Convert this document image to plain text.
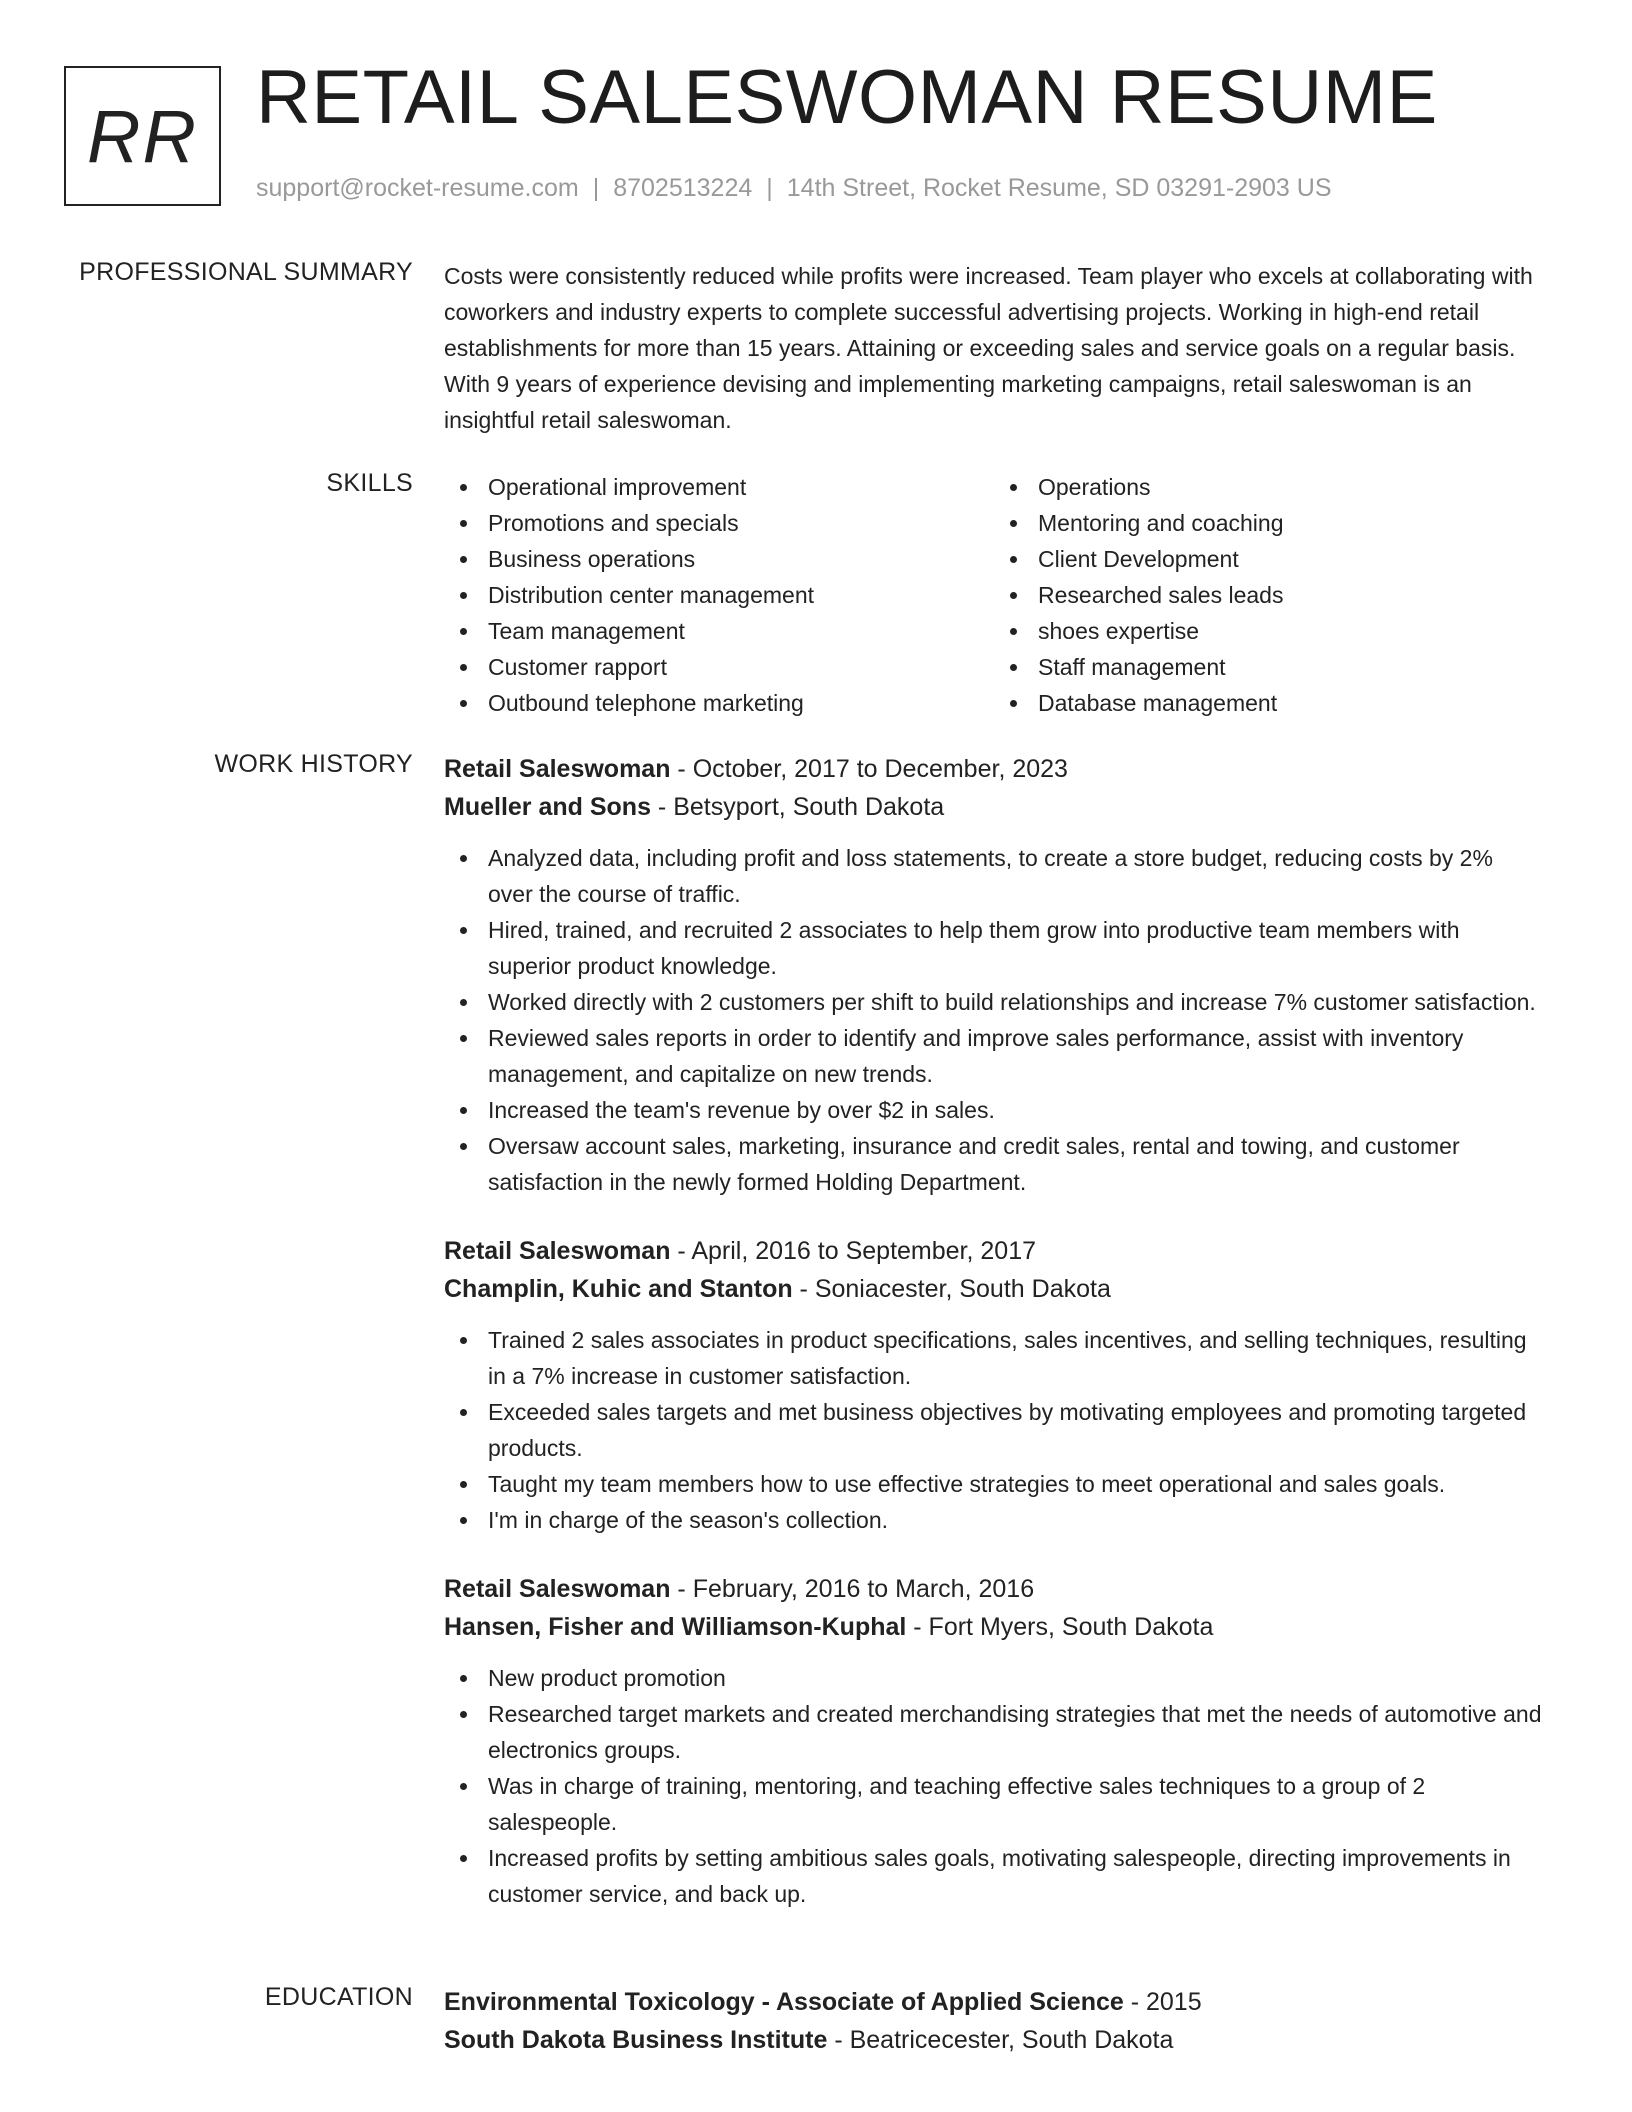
RR RETAIL SALESWOMAN RESUME
support@rocket-resume.com | 8702513224 | 14th Street, Rocket Resume, SD 03291-2903 US
PROFESSIONAL SUMMARY Costs were consistently reduced while profits were increased. Team player who excels at collaborating with coworkers and industry experts to complete successful advertising projects. Working in high-end retail establishments for more than 15 years. Attaining or exceeding sales and service goals on a regular basis. With 9 years of experience devising and implementing marketing campaigns, retail saleswoman is an insightful retail saleswoman.

SKILLS	Operational improvement
Promotions and specials
Business operations
Distribution center management
Team management
Customer rapport
Outbound telephone marketing
Operations
Mentoring and coaching
Client Development
Researched sales leads
shoes expertise
Staff management
Database management
WORK HISTORY Retail Saleswoman - October, 2017 to December, 2023
Mueller and Sons - Betsyport, South Dakota
Analyzed data, including profit and loss statements, to create a store budget, reducing costs by 2% over the course of traffic.
Hired, trained, and recruited 2 associates to help them grow into productive team members with superior product knowledge.
Worked directly with 2 customers per shift to build relationships and increase 7% customer satisfaction.
Reviewed sales reports in order to identify and improve sales performance, assist with inventory management, and capitalize on new trends.
Increased the team's revenue by over $2 in sales.
Oversaw account sales, marketing, insurance and credit sales, rental and towing, and customer satisfaction in the newly formed Holding Department.
Retail Saleswoman - April, 2016 to September, 2017
Champlin, Kuhic and Stanton - Soniacester, South Dakota
Trained 2 sales associates in product specifications, sales incentives, and selling techniques, resulting in a 7% increase in customer satisfaction.
Exceeded sales targets and met business objectives by motivating employees and promoting targeted products.
Taught my team members how to use effective strategies to meet operational and sales goals.
I'm in charge of the season's collection.
Retail Saleswoman - February, 2016 to March, 2016
Hansen, Fisher and Williamson-Kuphal - Fort Myers, South Dakota
New product promotion
Researched target markets and created merchandising strategies that met the needs of automotive and electronics groups.
Was in charge of training, mentoring, and teaching effective sales techniques to a group of 2 salespeople.
Increased profits by setting ambitious sales goals, motivating salespeople, directing improvements in customer service, and back up.
EDUCATION Environmental Toxicology - Associate of Applied Science - 2015
South Dakota Business Institute - Beatricecester, South Dakota
